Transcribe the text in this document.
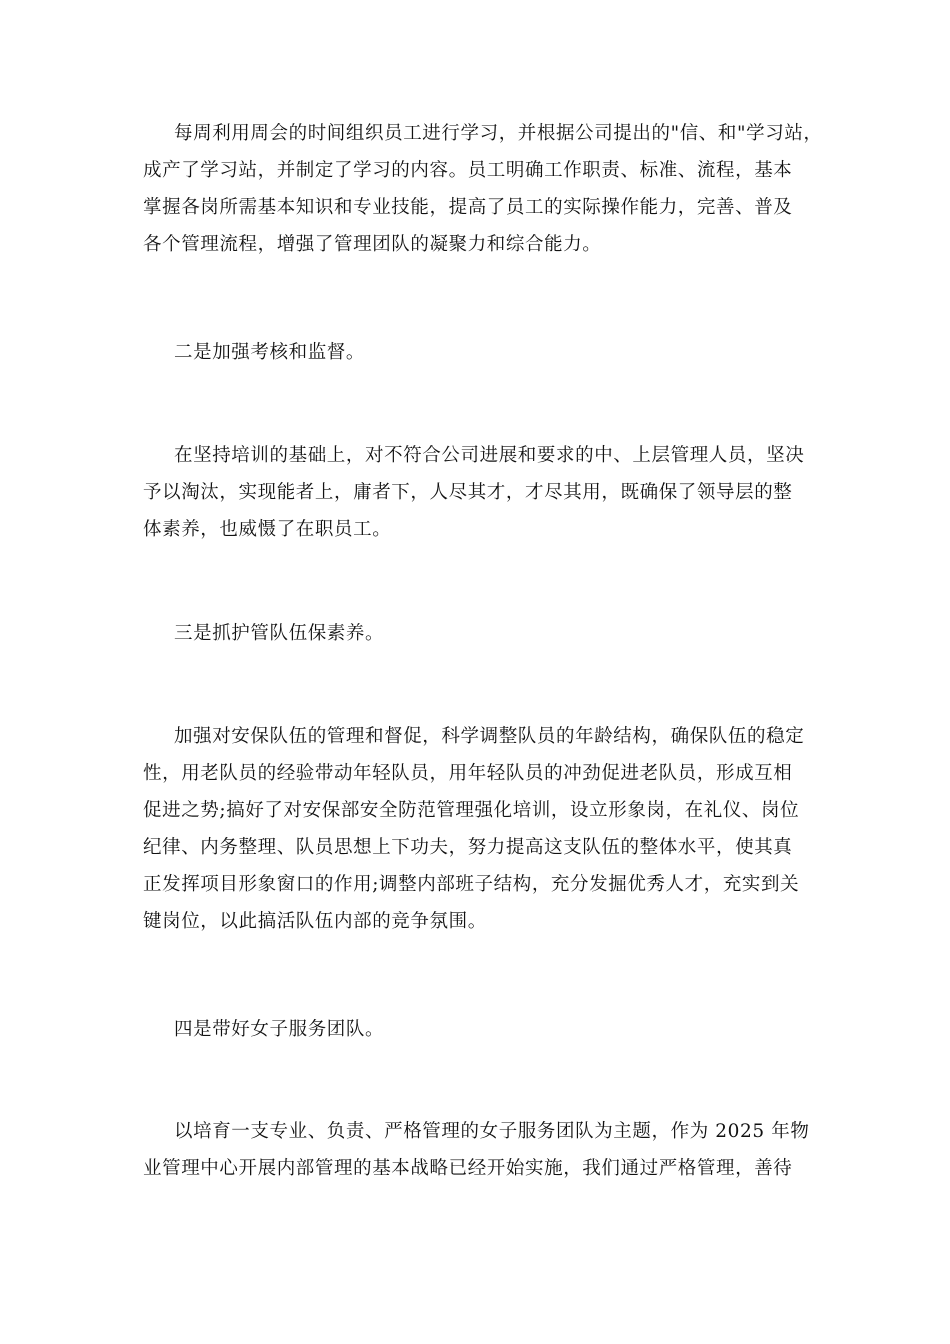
每周利用周会的时间组织员工进行学习，并根据公司提出的"信、和"学习站，
成产了学习站，并制定了学习的内容。员工明确工作职责、标准、流程，基本
掌握各岗所需基本知识和专业技能，提高了员工的实际操作能力，完善、普及
各个管理流程，增强了管理团队的凝聚力和综合能力。

二是加强考核和监督。

在坚持培训的基础上，对不符合公司进展和要求的中、上层管理人员，坚决
予以淘汰，实现能者上，庸者下，人尽其才，才尽其用，既确保了领导层的整
体素养，也威慑了在职员工。

三是抓护管队伍保素养。

加强对安保队伍的管理和督促，科学调整队员的年龄结构，确保队伍的稳定
性，用老队员的经验带动年轻队员，用年轻队员的冲劲促进老队员，形成互相
促进之势;搞好了对安保部安全防范管理强化培训，设立形象岗，在礼仪、岗位
纪律、内务整理、队员思想上下功夫，努力提高这支队伍的整体水平，使其真
正发挥项目形象窗口的作用;调整内部班子结构，充分发掘优秀人才，充实到关
键岗位，以此搞活队伍内部的竞争氛围。

四是带好女子服务团队。

以培育一支专业、负责、严格管理的女子服务团队为主题，作为 2025 年物
业管理中心开展内部管理的基本战略已经开始实施，我们通过严格管理，善待
